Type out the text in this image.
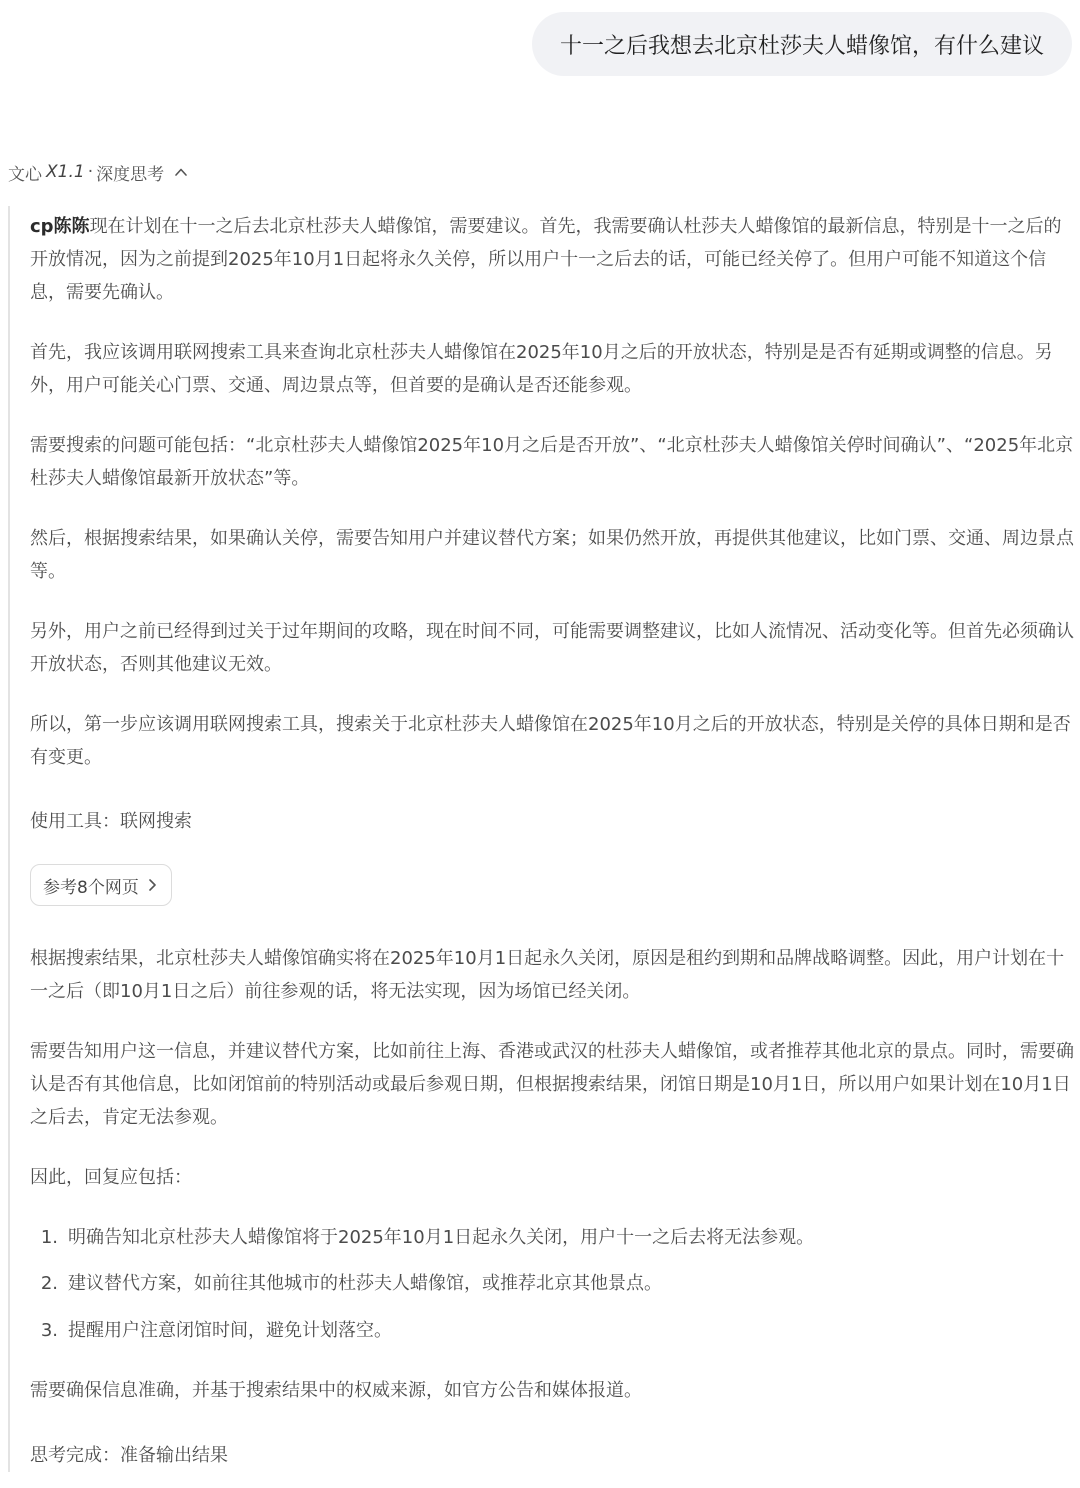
十一之后我想去北京杜莎夫人蜡像馆，有什么建议
文心 X1.1 · 深度思考

cp陈陈现在计划在十一之后去北京杜莎夫人蜡像馆，需要建议。首先，我需要确认杜莎夫人蜡像馆的最新信息，特别是十一之后的开放情况，因为之前提到2025年10月1日起将永久关停，所以用户十一之后去的话，可能已经关停了。但用户可能不知道这个信息，需要先确认。

首先，我应该调用联网搜索工具来查询北京杜莎夫人蜡像馆在2025年10月之后的开放状态，特别是是否有延期或调整的信息。另外，用户可能关心门票、交通、周边景点等，但首要的是确认是否还能参观。

需要搜索的问题可能包括：“北京杜莎夫人蜡像馆2025年10月之后是否开放”、“北京杜莎夫人蜡像馆关停时间确认”、“2025年北京杜莎夫人蜡像馆最新开放状态”等。

然后，根据搜索结果，如果确认关停，需要告知用户并建议替代方案；如果仍然开放，再提供其他建议，比如门票、交通、周边景点等。

另外，用户之前已经得到过关于过年期间的攻略，现在时间不同，可能需要调整建议，比如人流情况、活动变化等。但首先必须确认开放状态，否则其他建议无效。

所以，第一步应该调用联网搜索工具，搜索关于北京杜莎夫人蜡像馆在2025年10月之后的开放状态，特别是关停的具体日期和是否有变更。

使用工具：联网搜索

参考8个网页

根据搜索结果，北京杜莎夫人蜡像馆确实将在2025年10月1日起永久关闭，原因是租约到期和品牌战略调整。因此，用户计划在十一之后（即10月1日之后）前往参观的话，将无法实现，因为场馆已经关闭。

需要告知用户这一信息，并建议替代方案，比如前往上海、香港或武汉的杜莎夫人蜡像馆，或者推荐其他北京的景点。同时，需要确认是否有其他信息，比如闭馆前的特别活动或最后参观日期，但根据搜索结果，闭馆日期是10月1日，所以用户如果计划在10月1日之后去，肯定无法参观。

因此，回复应包括：

1. 明确告知北京杜莎夫人蜡像馆将于2025年10月1日起永久关闭，用户十一之后去将无法参观。
2. 建议替代方案，如前往其他城市的杜莎夫人蜡像馆，或推荐北京其他景点。
3. 提醒用户注意闭馆时间，避免计划落空。

需要确保信息准确，并基于搜索结果中的权威来源，如官方公告和媒体报道。

思考完成：准备输出结果
